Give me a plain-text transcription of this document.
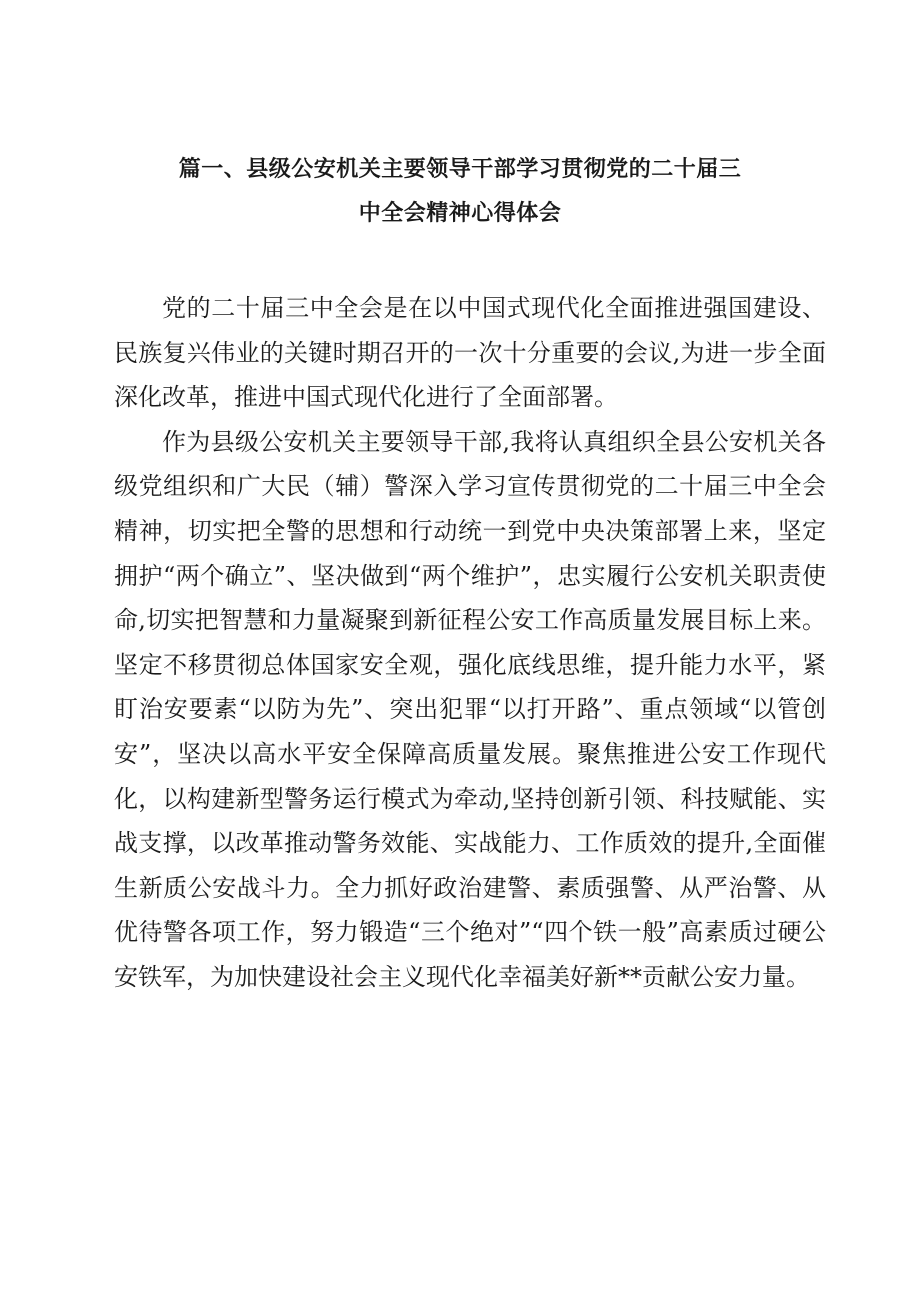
篇一、县级公安机关主要领导干部学习贯彻党的二十届三
中全会精神心得体会

党的二十届三中全会是在以中国式现代化全面推进强国建设、民族复兴伟业的关键时期召开的一次十分重要的会议,为进一步全面深化改革，推进中国式现代化进行了全面部署。

作为县级公安机关主要领导干部,我将认真组织全县公安机关各级党组织和广大民（辅）警深入学习宣传贯彻党的二十届三中全会精神，切实把全警的思想和行动统一到党中央决策部署上来，坚定拥护“两个确立”、坚决做到“两个维护”，忠实履行公安机关职责使命,切实把智慧和力量凝聚到新征程公安工作高质量发展目标上来。坚定不移贯彻总体国家安全观，强化底线思维，提升能力水平，紧盯治安要素“以防为先”、突出犯罪“以打开路”、重点领域“以管创安”，坚决以高水平安全保障高质量发展。聚焦推进公安工作现代化，以构建新型警务运行模式为牵动,坚持创新引领、科技赋能、实战支撑，以改革推动警务效能、实战能力、工作质效的提升,全面催生新质公安战斗力。全力抓好政治建警、素质强警、从严治警、从优待警各项工作，努力锻造“三个绝对”“四个铁一般”高素质过硬公安铁军，为加快建设社会主义现代化幸福美好新**贡献公安力量。
